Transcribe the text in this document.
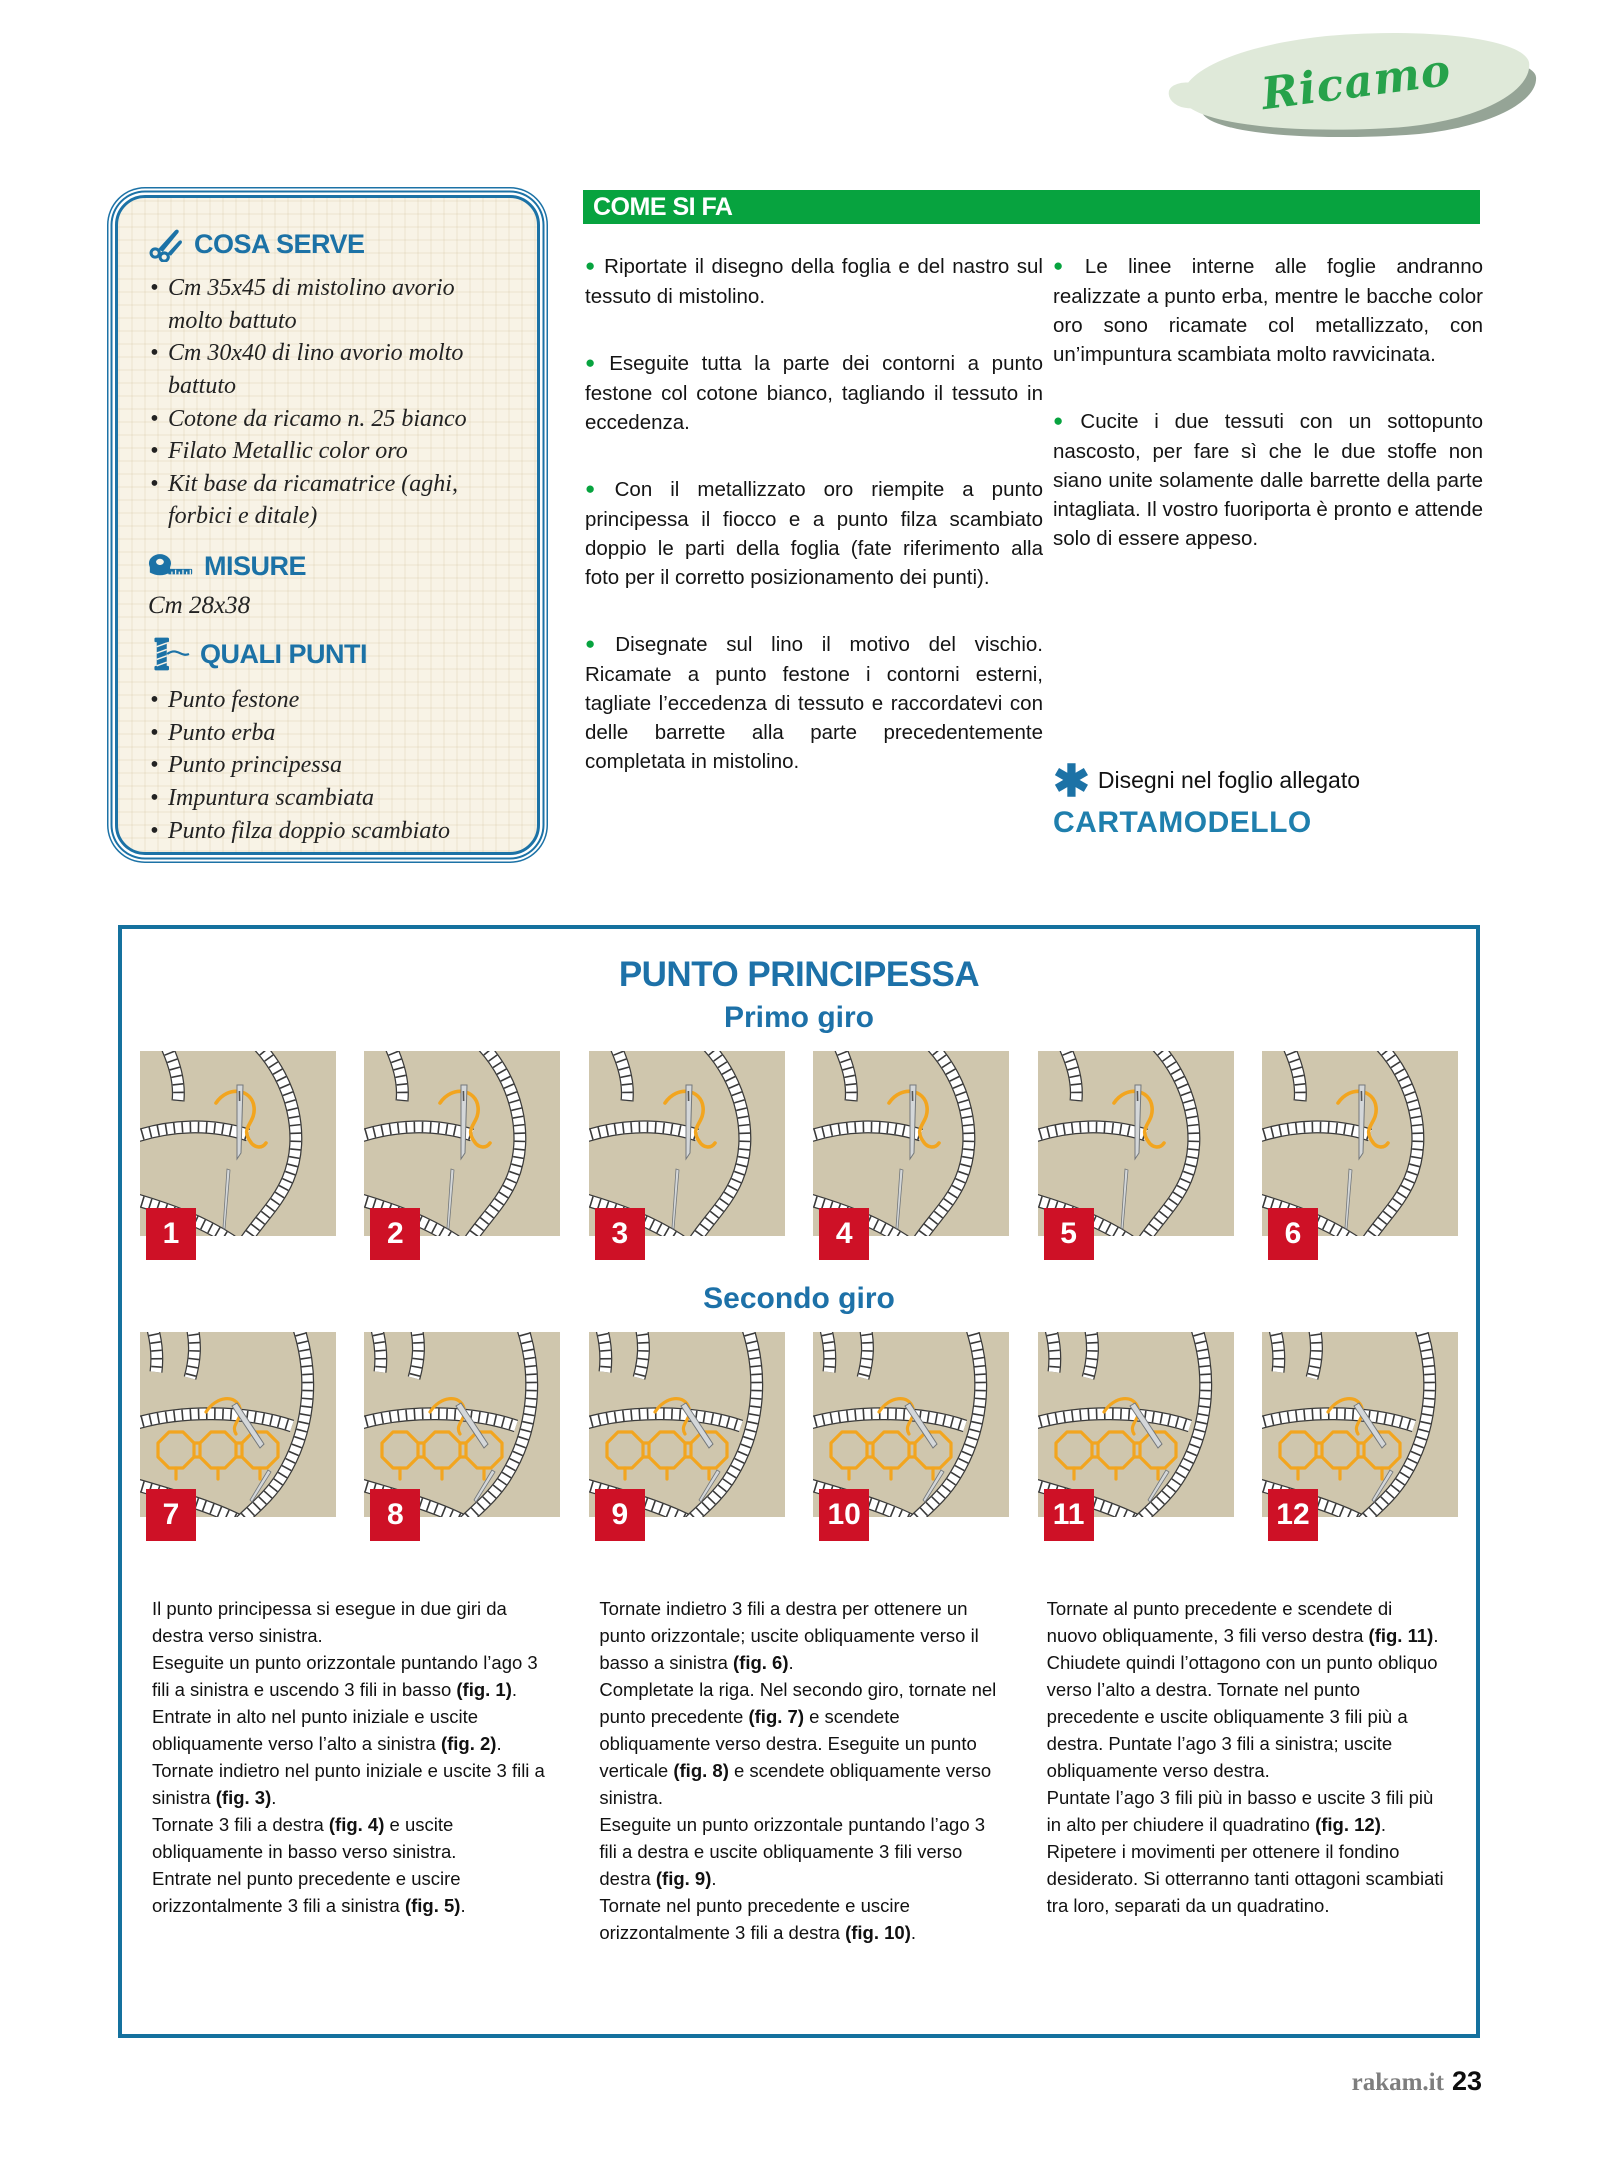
Ricamo
COSA SERVE
• Cm 35x45 di mistolino avorio molto battuto
• Cm 30x40 di lino avorio molto battuto
• Cotone da ricamo n. 25 bianco
• Filato Metallic color oro
• Kit base da ricamatrice (aghi, forbici e ditale)
MISURE
Cm 28x38
QUALI PUNTI
• Punto festone
• Punto erba
• Punto principessa
• Impuntura scambiata
• Punto filza doppio scambiato
COME SI FA

● Riportate il disegno della foglia e del nastro sul tessuto di mistolino.

● Eseguite tutta la parte dei contorni a punto festone col cotone bianco, tagliando il tessuto in eccedenza.

● Con il metallizzato oro riempite a punto principessa il fiocco e a punto filza scambiato doppio le parti della foglia (fate riferimento alla foto per il corretto posizionamento dei punti).

● Disegnate sul lino il motivo del vischio. Ricamate a punto festone i contorni esterni, tagliate l’eccedenza di tessuto e raccordatevi con delle barrette alla parte precedentemente completata in mistolino.

● Le linee interne alle foglie andranno realizzate a punto erba, mentre le bacche color oro sono ricamate col metallizzato, con un’impuntura scambiata molto ravvicinata.

● Cucite i due tessuti con un sottopunto nascosto, per fare sì che le due stoffe non siano unite solamente dalle barrette della parte intagliata. Il vostro fuoriporta è pronto e attende solo di essere appeso.

✱ Disegni nel foglio allegato
CARTAMODELLO
PUNTO PRINCIPESSA
Primo giro
1	2	3	4	5	6
Secondo giro
7	8	9	10	11	12

Il punto principessa si esegue in due giri da destra verso sinistra.

Eseguite un punto orizzontale puntando l’ago 3 fili a sinistra e uscendo 3 fili in basso (fig. 1).

Entrate in alto nel punto iniziale e uscite obliquamente verso l’alto a sinistra (fig. 2).

Tornate indietro nel punto iniziale e uscite 3 fili a sinistra (fig. 3).

Tornate 3 fili a destra (fig. 4) e uscite obliquamente in basso verso sinistra.

Entrate nel punto precedente e uscire orizzontalmente 3 fili a sinistra (fig. 5).

Tornate indietro 3 fili a destra per ottenere un punto orizzontale; uscite obliquamente verso il basso a sinistra (fig. 6).

Completate la riga. Nel secondo giro, tornate nel punto precedente (fig. 7) e scendete obliquamente verso destra. Eseguite un punto verticale (fig. 8) e scendete obliquamente verso sinistra.

Eseguite un punto orizzontale puntando l’ago 3 fili a destra e uscite obliquamente 3 fili verso destra (fig. 9).

Tornate nel punto precedente e uscire orizzontalmente 3 fili a destra (fig. 10).

Tornate al punto precedente e scendete di nuovo obliquamente, 3 fili verso destra (fig. 11).

Chiudete quindi l’ottagono con un punto obliquo verso l’alto a destra. Tornate nel punto precedente e uscite obliquamente 3 fili più a destra. Puntate l’ago 3 fili a sinistra; uscite obliquamente verso destra.

Puntate l’ago 3 fili più in basso e uscite 3 fili più in alto per chiudere il quadratino (fig. 12).

Ripetere i movimenti per ottenere il fondino desiderato. Si otterranno tanti ottagoni scambiati tra loro, separati da un quadratino.

rakam.it 23
